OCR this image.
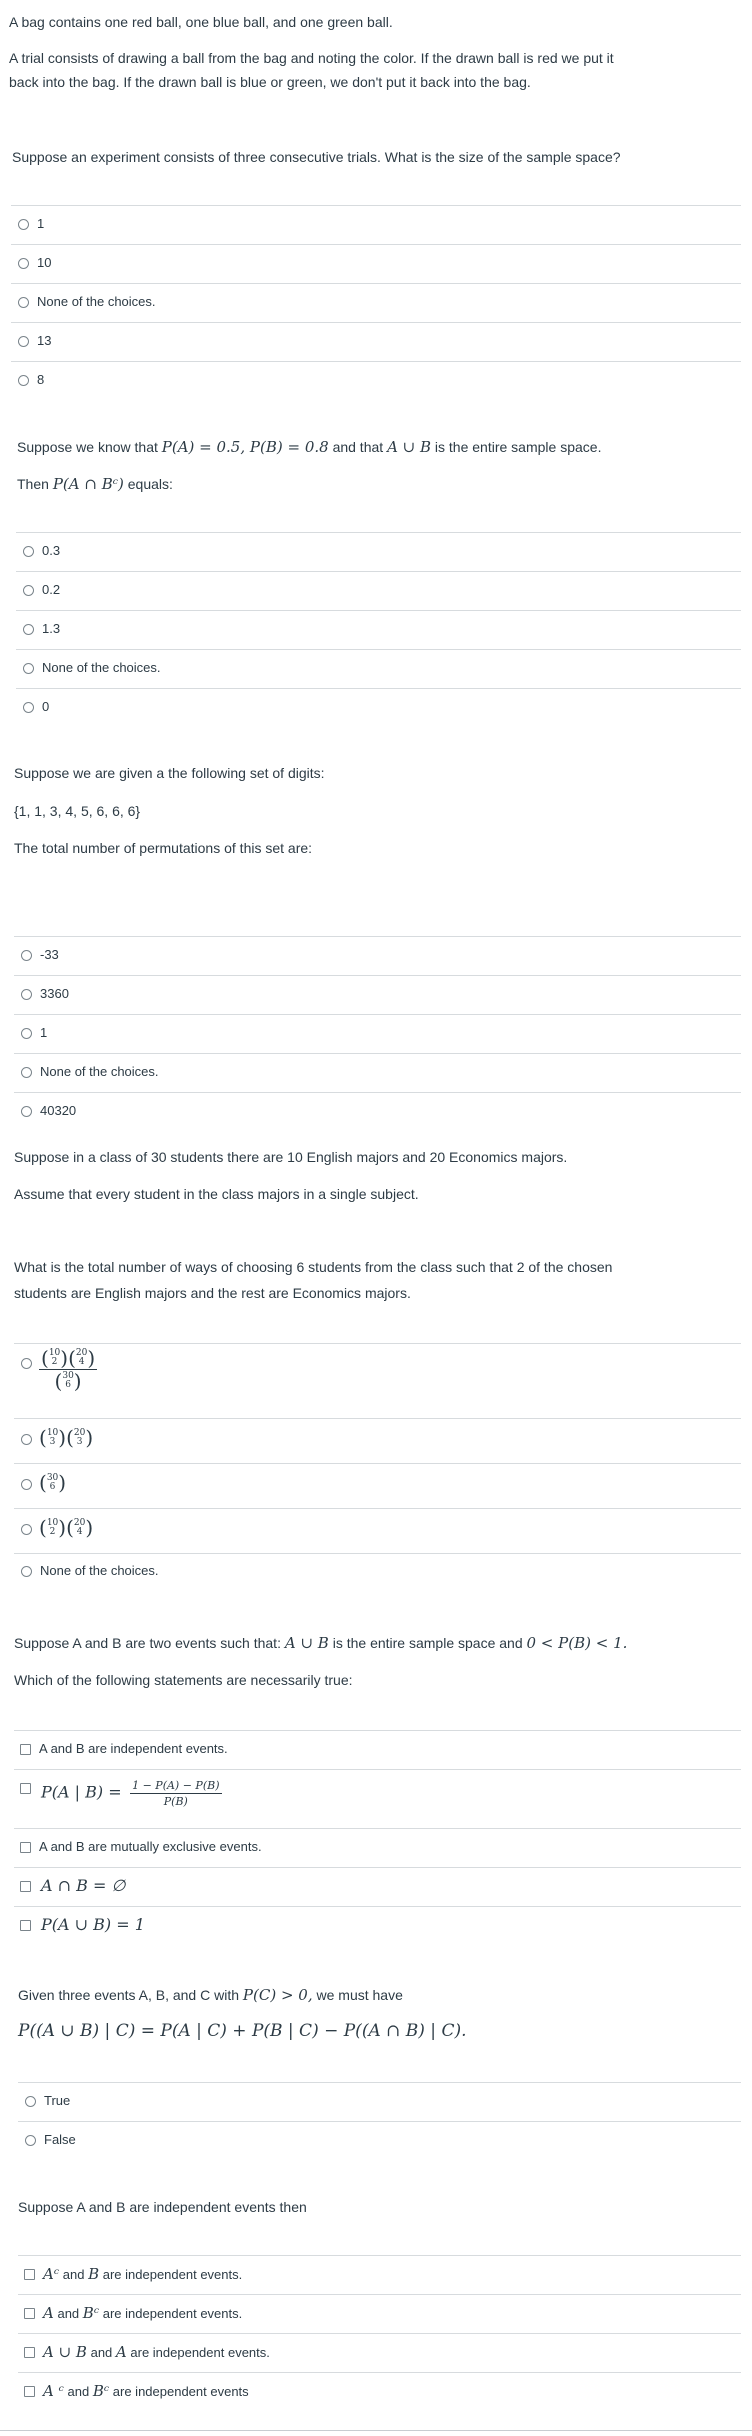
A bag contains one red ball, one blue ball, and one green ball.
A trial consists of drawing a ball from the bag and noting the color. If the drawn ball is red we put it
back into the bag. If the drawn ball is blue or green, we don't put it back into the bag.
Suppose an experiment consists of three consecutive trials. What is the size of the sample space?
1
10
None of the choices.
13
8
Suppose we know that P(A) = 0.5, P(B) = 0.8 and that A ∪ B is the entire sample space.
Then P(A ∩ Bᶜ) equals:
0.3
0.2
1.3
None of the choices.
0
Suppose we are given a the following set of digits:
{1, 1, 3, 4, 5, 6, 6, 6}
The total number of permutations of this set are:
-33
3360
1
None of the choices.
40320
Suppose in a class of 30 students there are 10 English majors and 20 Economics majors.
Assume that every student in the class majors in a single subject.
What is the total number of ways of choosing 6 students from the class such that 2 of the chosen
students are English majors and the rest are Economics majors.
(10
2 )(20
4 )
(30
6 )
(10
3 )(20
3 )
(30
6 )
(10
2 )(20
4 )
None of the choices.
Suppose A and B are two events such that: A ∪ B is the entire sample space and 0 < P(B) < 1.
Which of the following statements are necessarily true:
A and B are independent events.
P(A | $B) = \frac{1 - P(A) - P(B)}{P(B)}$
A and B are mutually exclusive events.
A ∩ B = ∅
P(A ∪ B) = 1
Given three events A, B, and C with P(C) > 0, we must have
P((A ∪ B) | C) = P(A | C) + P(B | C) − P((A ∩ B) | C).
True
False
Suppose A and B are independent events then
Aᶜ and B are independent events.
A and Bᶜ are independent events.
A ∪ B and A are independent events.
A ᶜ and Bᶜ are independent events
